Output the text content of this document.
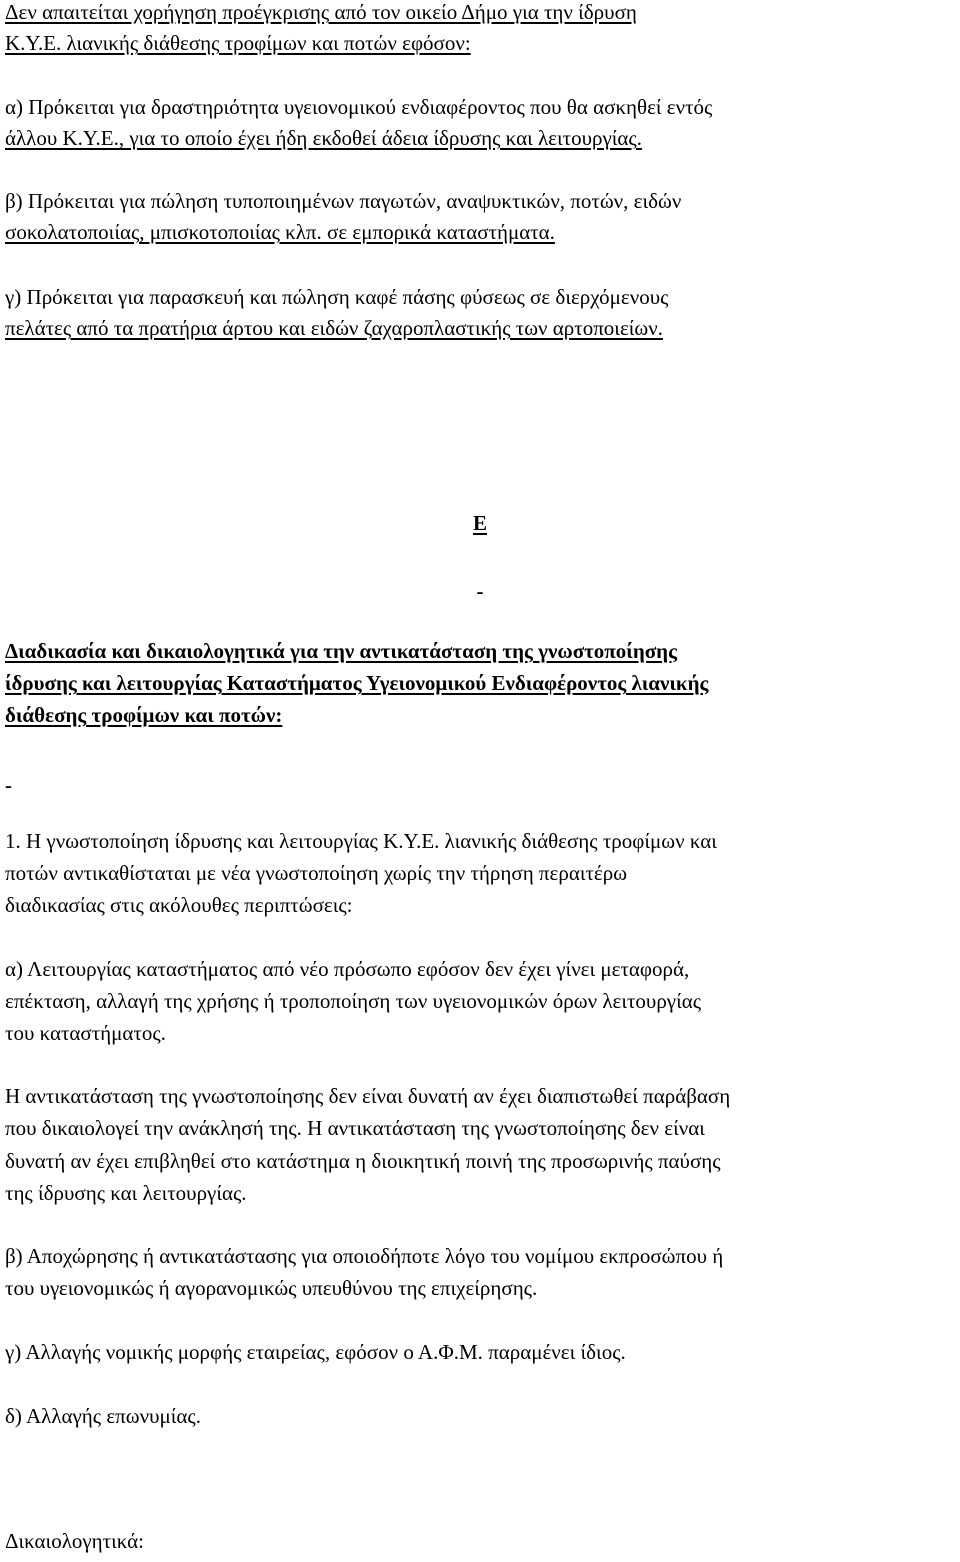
Δεν απαιτείται χορήγηση προέγκρισης από τον οικείο Δήμο για την ίδρυση
Κ.Υ.Ε. λιανικής διάθεσης τροφίμων και ποτών εφόσον:
α) Πρόκειται για δραστηριότητα υγειονομικού ενδιαφέροντος που θα ασκηθεί εντός
άλλου Κ.Υ.Ε., για το οποίο έχει ήδη εκδοθεί άδεια ίδρυσης και λειτουργίας.
β) Πρόκειται για πώληση τυποποιημένων παγωτών, αναψυκτικών, ποτών, ειδών
σοκολατοποιίας, μπισκοτοποιίας κλπ. σε εμπορικά καταστήματα.
γ) Πρόκειται για παρασκευή και πώληση καφέ πάσης φύσεως σε διερχόμενους
πελάτες από τα πρατήρια άρτου και ειδών ζαχαροπλαστικής των αρτοποιείων.
Ε
-
Διαδικασία και δικαιολογητικά για την αντικατάσταση της γνωστοποίησης
ίδρυσης και λειτουργίας Καταστήματος Υγειονομικού Ενδιαφέροντος λιανικής
διάθεσης τροφίμων και ποτών:
-
1. Η γνωστοποίηση ίδρυσης και λειτουργίας Κ.Υ.Ε. λιανικής διάθεσης τροφίμων και
ποτών αντικαθίσταται με νέα γνωστοποίηση χωρίς την τήρηση περαιτέρω
διαδικασίας στις ακόλουθες περιπτώσεις:
α) Λειτουργίας καταστήματος από νέο πρόσωπο εφόσον δεν έχει γίνει μεταφορά,
επέκταση, αλλαγή της χρήσης ή τροποποίηση των υγειονομικών όρων λειτουργίας
του καταστήματος.
Η αντικατάσταση της γνωστοποίησης δεν είναι δυνατή αν έχει διαπιστωθεί παράβαση
που δικαιολογεί την ανάκλησή της. Η αντικατάσταση της γνωστοποίησης δεν είναι
δυνατή αν έχει επιβληθεί στο κατάστημα η διοικητική ποινή της προσωρινής παύσης
της ίδρυσης και λειτουργίας.
β) Αποχώρησης ή αντικατάστασης για οποιοδήποτε λόγο του νομίμου εκπροσώπου ή
του υγειονομικώς ή αγορανομικώς υπευθύνου της επιχείρησης.
γ) Αλλαγής νομικής μορφής εταιρείας, εφόσον ο Α.Φ.Μ. παραμένει ίδιος.
δ) Αλλαγής επωνυμίας.
Δικαιολογητικά:
